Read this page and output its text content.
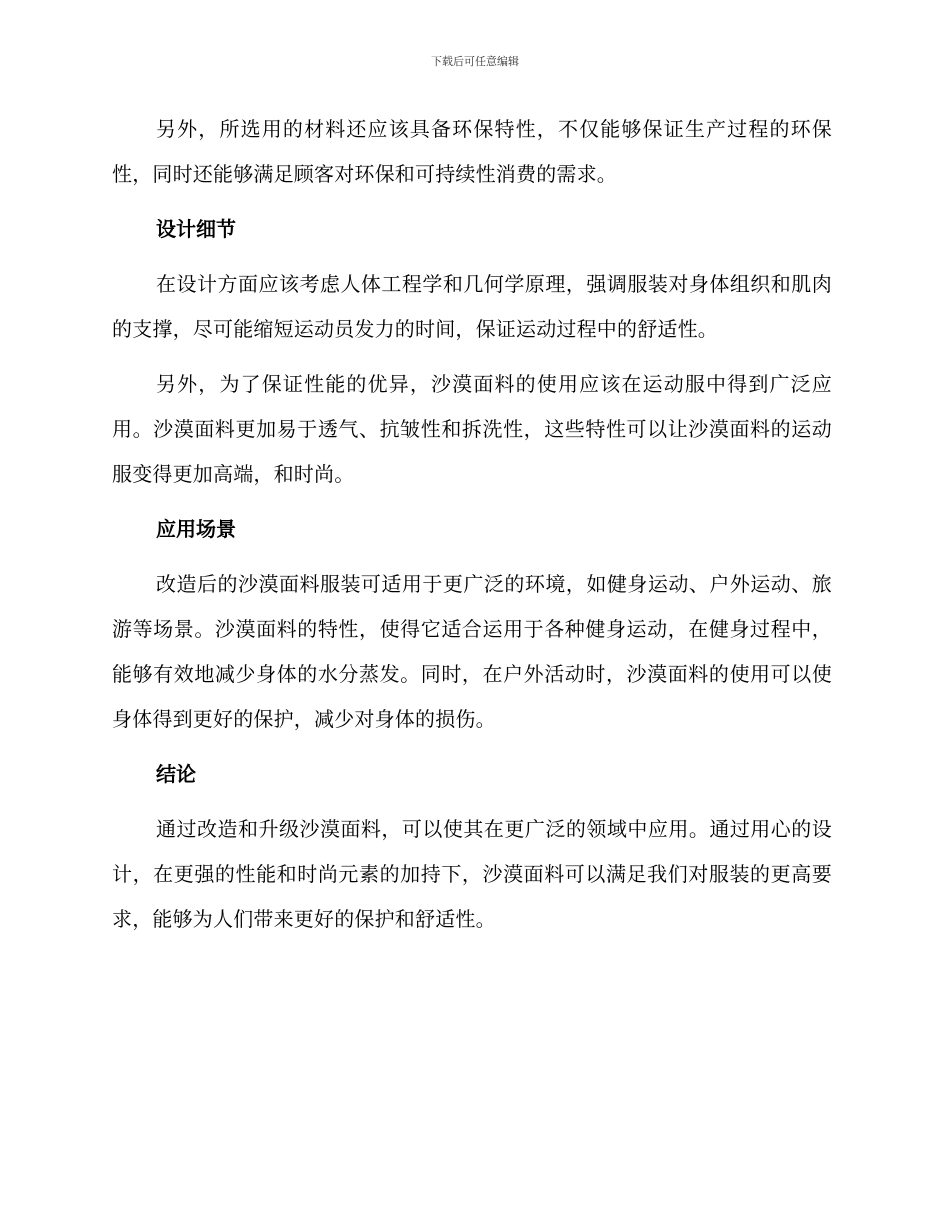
下载后可任意编辑

另外，所选用的材料还应该具备环保特性，不仅能够保证生产过程的环保性，同时还能够满足顾客对环保和可持续性消费的需求。

设计细节

在设计方面应该考虑人体工程学和几何学原理，强调服装对身体组织和肌肉的支撑，尽可能缩短运动员发力的时间，保证运动过程中的舒适性。

另外，为了保证性能的优异，沙漠面料的使用应该在运动服中得到广泛应用。沙漠面料更加易于透气、抗皱性和拆洗性，这些特性可以让沙漠面料的运动服变得更加高端，和时尚。

应用场景

改造后的沙漠面料服装可适用于更广泛的环境，如健身运动、户外运动、旅游等场景。沙漠面料的特性，使得它适合运用于各种健身运动，在健身过程中，能够有效地减少身体的水分蒸发。同时，在户外活动时，沙漠面料的使用可以使身体得到更好的保护，减少对身体的损伤。

结论

通过改造和升级沙漠面料，可以使其在更广泛的领域中应用。通过用心的设计，在更强的性能和时尚元素的加持下，沙漠面料可以满足我们对服装的更高要求，能够为人们带来更好的保护和舒适性。
